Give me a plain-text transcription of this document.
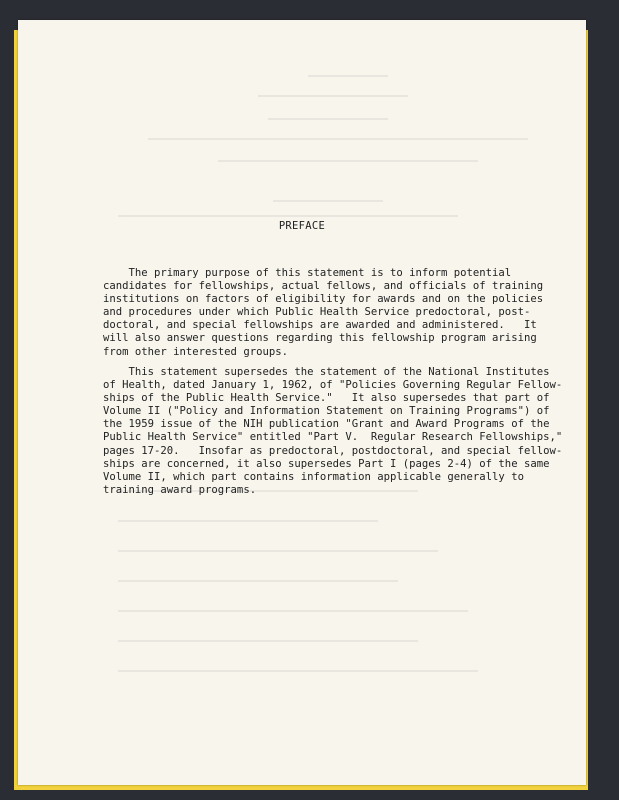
PREFACE
The primary purpose of this statement is to inform potential
candidates for fellowships, actual fellows, and officials of training
institutions on factors of eligibility for awards and on the policies
and procedures under which Public Health Service predoctoral, post-
doctoral, and special fellowships are awarded and administered.   It
will also answer questions regarding this fellowship program arising
from other interested groups.
This statement supersedes the statement of the National Institutes
of Health, dated January 1, 1962, of "Policies Governing Regular Fellow-
ships of the Public Health Service."   It also supersedes that part of
Volume II ("Policy and Information Statement on Training Programs") of
the 1959 issue of the NIH publication "Grant and Award Programs of the
Public Health Service" entitled "Part V.  Regular Research Fellowships,"
pages 17-20.   Insofar as predoctoral, postdoctoral, and special fellow-
ships are concerned, it also supersedes Part I (pages 2-4) of the same
Volume II, which part contains information applicable generally to
training award programs.
